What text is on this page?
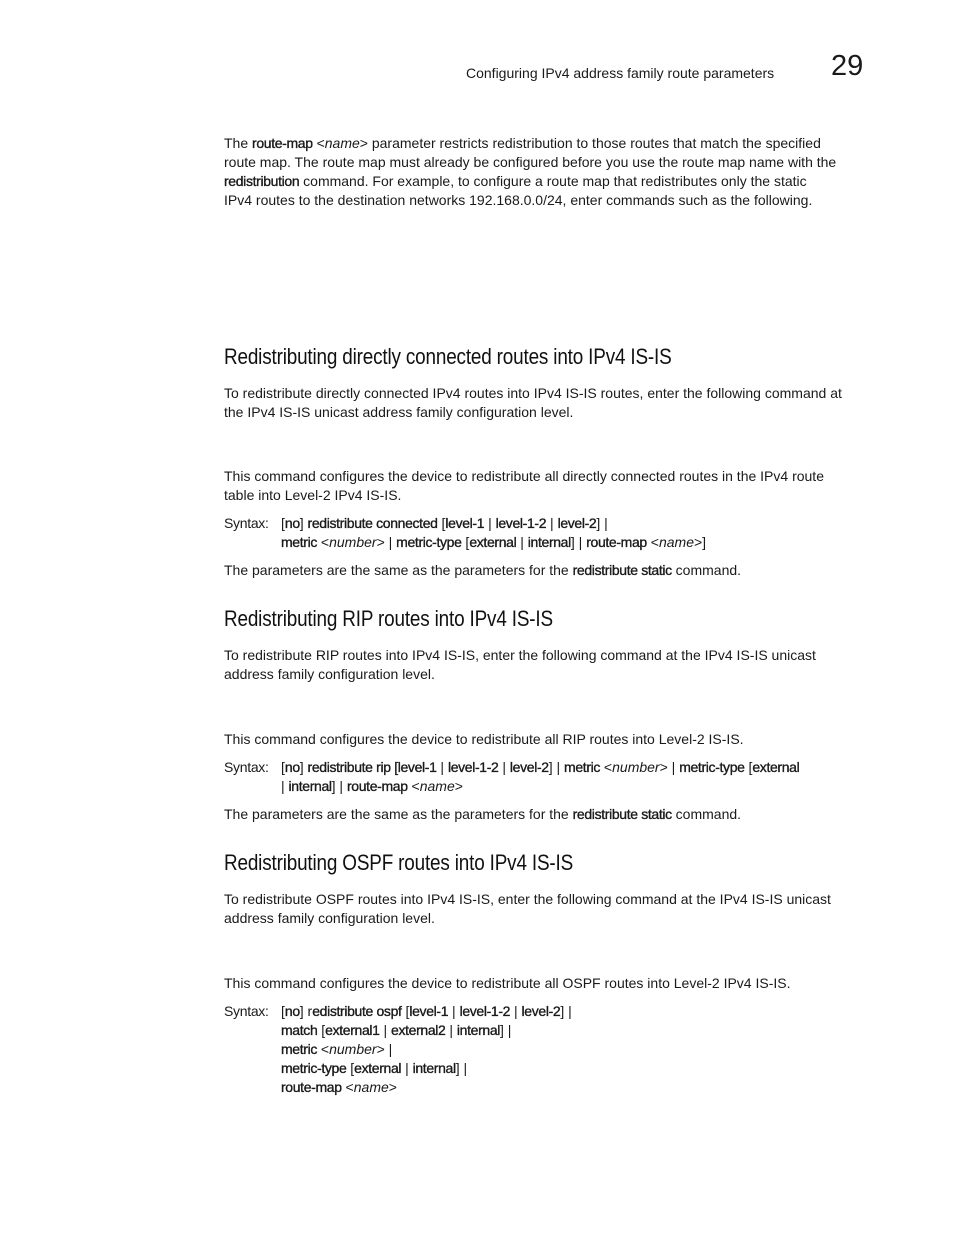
Configuring IPv4 address family route parameters 29
The route-map <name> parameter restricts redistribution to those routes that match the specified
route map. The route map must already be configured before you use the route map name with the
redistribution command. For example, to configure a route map that redistributes only the static
IPv4 routes to the destination networks 192.168.0.0/24, enter commands such as the following.
Redistributing directly connected routes into IPv4 IS-IS
To redistribute directly connected IPv4 routes into IPv4 IS-IS routes, enter the following command at
the IPv4 IS-IS unicast address family configuration level.
This command configures the device to redistribute all directly connected routes in the IPv4 route
table into Level-2 IPv4 IS-IS.
Syntax: [no] redistribute connected [level-1 | level-1-2 | level-2] |
metric <number> | metric-type [external | internal] | route-map <name>]
The parameters are the same as the parameters for the redistribute static command.
Redistributing RIP routes into IPv4 IS-IS
To redistribute RIP routes into IPv4 IS-IS, enter the following command at the IPv4 IS-IS unicast
address family configuration level.
This command configures the device to redistribute all RIP routes into Level-2 IS-IS.
Syntax: [no] redistribute rip [level-1 | level-1-2 | level-2] | metric <number> | metric-type [external
| internal] | route-map <name>
The parameters are the same as the parameters for the redistribute static command.
Redistributing OSPF routes into IPv4 IS-IS
To redistribute OSPF routes into IPv4 IS-IS, enter the following command at the IPv4 IS-IS unicast
address family configuration level.
This command configures the device to redistribute all OSPF routes into Level-2 IPv4 IS-IS.
Syntax: [no] redistribute ospf [level-1 | level-1-2 | level-2] |
match [external1 | external2 | internal] |
metric <number> |
metric-type [external | internal] |
route-map <name>
